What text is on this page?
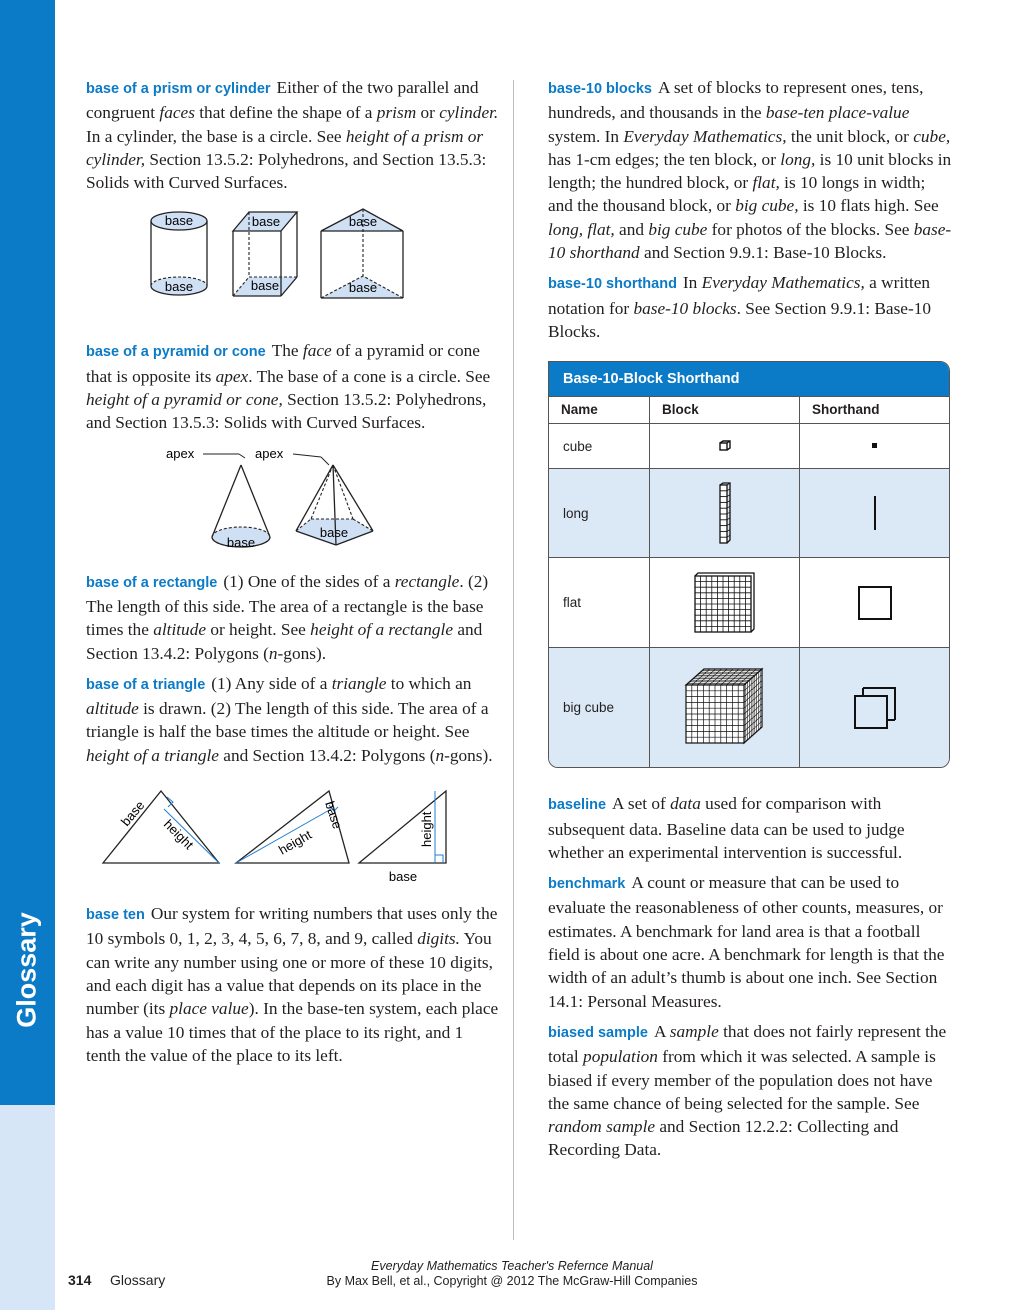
Glossary

base of a prism or cylinder Either of the two parallel and congruent faces that define the shape of a prism or cylinder. In a cylinder, the base is a circle. See height of a prism or cylinder, Section 13.5.2: Polyhedrons, and Section 13.5.3: Solids with Curved Surfaces.

base
base
base
base
base
base

base of a pyramid or cone The face of a pyramid or cone that is opposite its apex. The base of a cone is a circle. See height of a pyramid or cone, Section 13.5.2: Polyhedrons, and Section 13.5.3: Solids with Curved Surfaces.

apex	apex
base
base

base of a rectangle (1) One of the sides of a rectangle. (2) The length of this side. The area of a rectangle is the base times the altitude or height. See height of a rectangle and Section 13.4.2: Polygons (n-gons).

base of a triangle (1) Any side of a triangle to which an altitude is drawn. (2) The length of this side. The area of a triangle is half the base times the altitude or height. See height of a triangle and Section 13.4.2: Polygons (n-gons).

base
height
base
height	height
base

base ten Our system for writing numbers that uses only the 10 symbols 0, 1, 2, 3, 4, 5, 6, 7, 8, and 9, called digits. You can write any number using one or more of these 10 digits, and each digit has a value that depends on its place in the number (its place value). In the base-ten system, each place has a value 10 times that of the place to its right, and 1 tenth the value of the place to its left.

base-10 blocks A set of blocks to represent ones, tens, hundreds, and thousands in the base-ten place-value system. In Everyday Mathematics, the unit block, or cube, has 1-cm edges; the ten block, or long, is 10 unit blocks in length; the hundred block, or flat, is 10 longs in width; and the thousand block, or big cube, is 10 flats high. See long, flat, and big cube for photos of the blocks. See base-10 shorthand and Section 9.9.1: Base-10 Blocks.

base-10 shorthand In Everyday Mathematics, a written notation for base-10 blocks. See Section 9.9.1: Base-10 Blocks.

Base-10-Block Shorthand
Name	Block	Shorthand
cube
long
flat
big cube

baseline A set of data used for comparison with subsequent data. Baseline data can be used to judge whether an experimental intervention is successful.

benchmark A count or measure that can be used to evaluate the reasonableness of other counts, measures, or estimates. A benchmark for land area is that a football field is about one acre. A benchmark for length is that the width of an adult’s thumb is about one inch. See Section 14.1: Personal Measures.

biased sample A sample that does not fairly represent the total population from which it was selected. A sample is biased if every member of the population does not have the same chance of being selected for the sample. See random sample and Section 12.2.2: Collecting and Recording Data.

314 Glossary
Everyday Mathematics Teacher's Refernce Manual
By Max Bell, et al., Copyright @ 2012 The McGraw-Hill Companies
